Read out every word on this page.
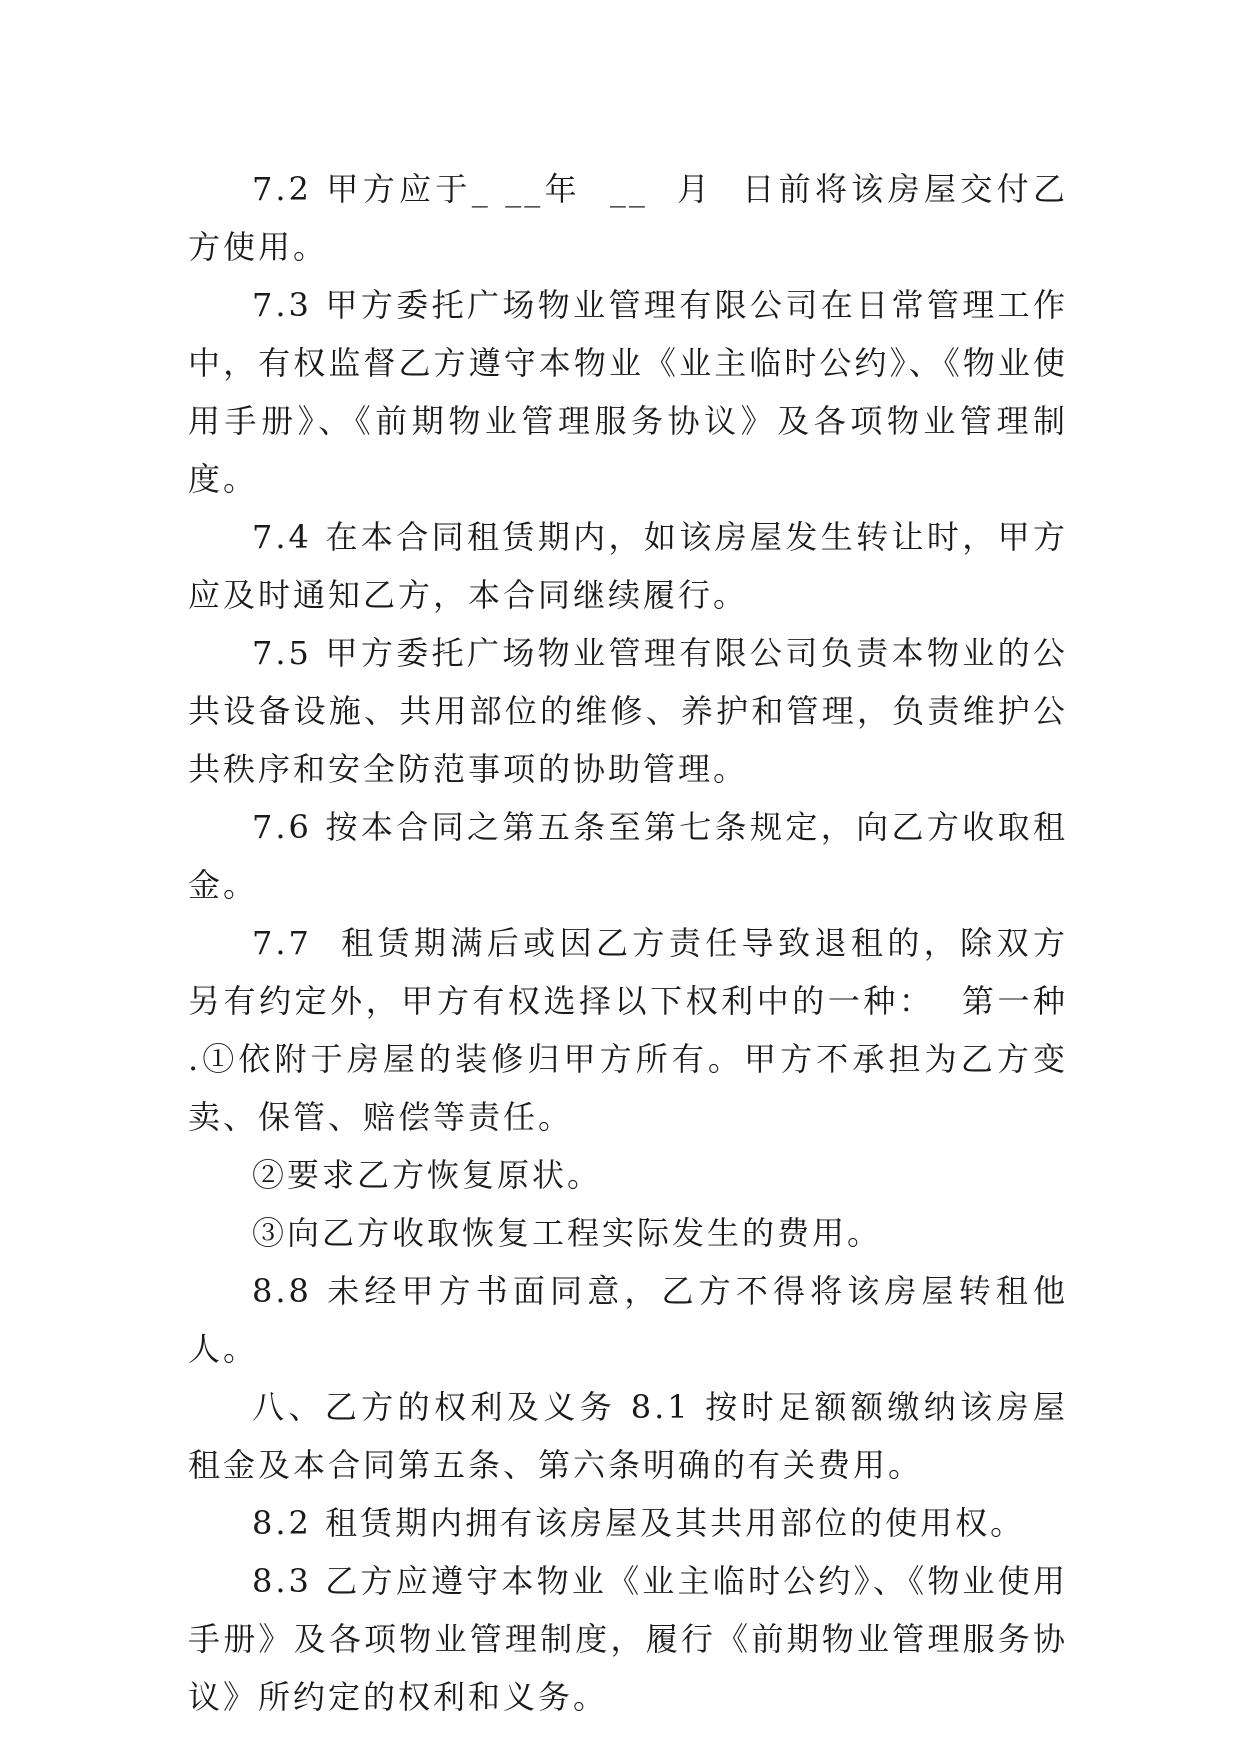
7.2 甲方应于_ __年  __  月  日前将该房屋交付乙方使用。

7.3 甲方委托广场物业管理有限公司在日常管理工作中，有权监督乙方遵守本物业《业主临时公约》、《物业使用手册》、《前期物业管理服务协议》及各项物业管理制度。

7.4 在本合同租赁期内，如该房屋发生转让时，甲方应及时通知乙方，本合同继续履行。

7.5 甲方委托广场物业管理有限公司负责本物业的公共设备设施、共用部位的维修、养护和管理，负责维护公共秩序和安全防范事项的协助管理。

7.6 按本合同之第五条至第七条规定，向乙方收取租金。

7.7  租赁期满后或因乙方责任导致退租的，除双方另有约定外，甲方有权选择以下权利中的一种：  第一种  .①依附于房屋的装修归甲方所有。甲方不承担为乙方变卖、保管、赔偿等责任。

②要求乙方恢复原状。

③向乙方收取恢复工程实际发生的费用。

8.8 未经甲方书面同意，乙方不得将该房屋转租他人。

八、乙方的权利及义务 8.1 按时足额额缴纳该房屋租金及本合同第五条、第六条明确的有关费用。

8.2 租赁期内拥有该房屋及其共用部位的使用权。

8.3 乙方应遵守本物业《业主临时公约》、《物业使用手册》及各项物业管理制度，履行《前期物业管理服务协议》所约定的权利和义务。
